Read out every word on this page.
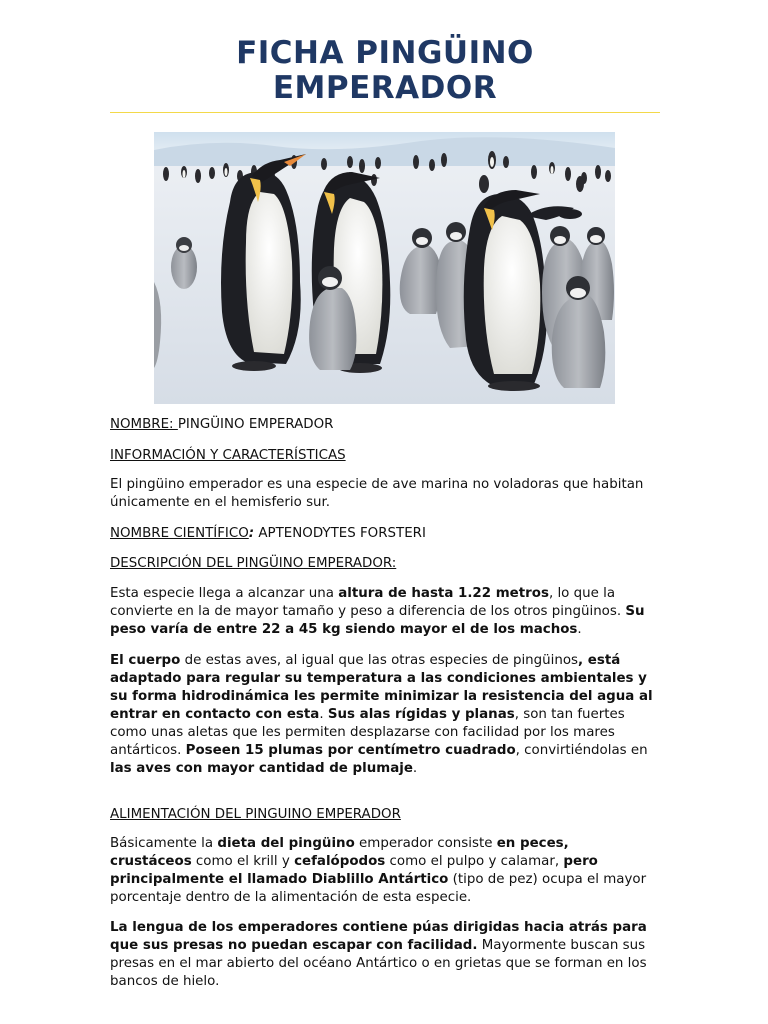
FICHA PINGÜINO
EMPERADOR
NOMBRE: PINGÜINO EMPERADOR
INFORMACIÓN Y CARACTERÍSTICAS

El pingüino emperador es una especie de ave marina no voladoras que habitan únicamente en el hemisferio sur.

NOMBRE CIENTÍFICO: APTENODYTES FORSTERI
DESCRIPCIÓN DEL PINGÜINO EMPERADOR:

Esta especie llega a alcanzar una altura de hasta 1.22 metros, lo que la convierte en la de mayor tamaño y peso a diferencia de los otros pingüinos. Su peso varía de entre 22 a 45 kg siendo mayor el de los machos.

El cuerpo de estas aves, al igual que las otras especies de pingüinos, está adaptado para regular su temperatura a las condiciones ambientales y su forma hidrodinámica les permite minimizar la resistencia del agua al entrar en contacto con esta. Sus alas rígidas y planas, son tan fuertes como unas aletas que les permiten desplazarse con facilidad por los mares antárticos. Poseen 15 plumas por centímetro cuadrado, convirtiéndolas en las aves con mayor cantidad de plumaje.

ALIMENTACIÓN DEL PINGUINO EMPERADOR

Básicamente la dieta del pingüino emperador consiste en peces, crustáceos como el krill y cefalópodos como el pulpo y calamar, pero principalmente el llamado Diablillo Antártico (tipo de pez) ocupa el mayor porcentaje dentro de la alimentación de esta especie.

La lengua de los emperadores contiene púas dirigidas hacia atrás para que sus presas no puedan escapar con facilidad. Mayormente buscan sus presas en el mar abierto del océano Antártico o en grietas que se forman en los bancos de hielo.
